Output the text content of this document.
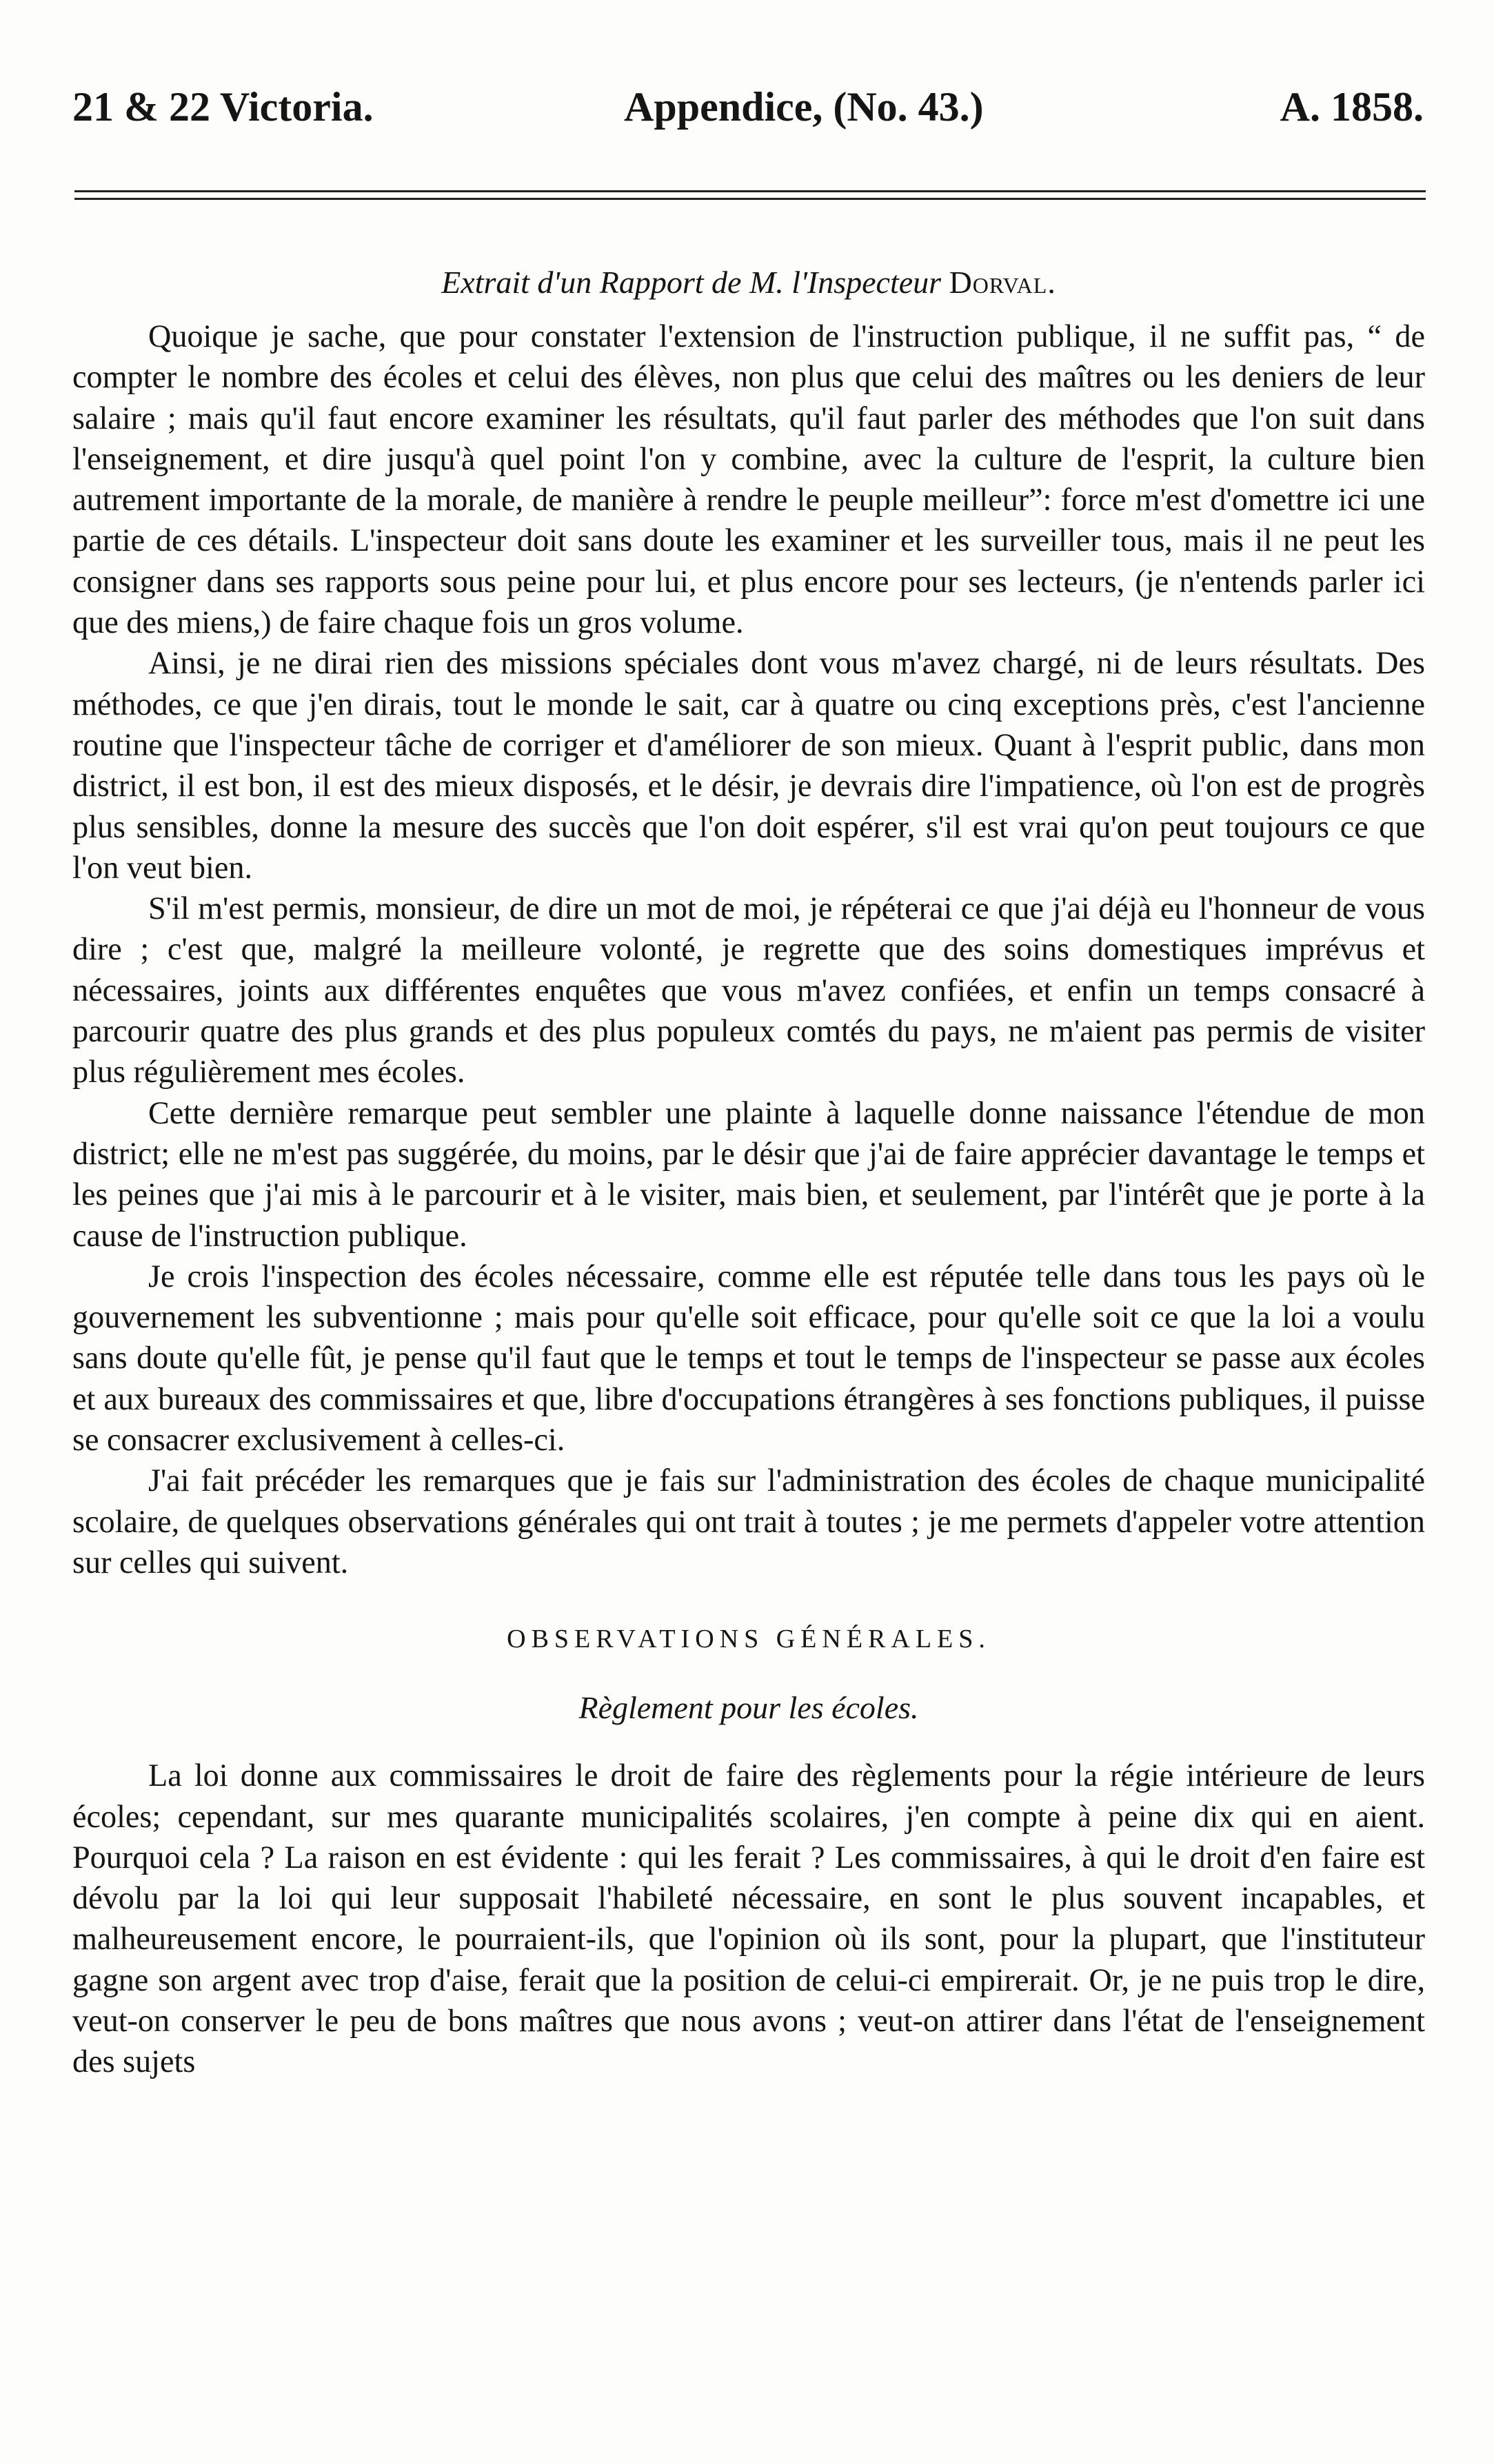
21 & 22 Victoria.	Appendice, (No. 43.)	A. 1858.
Extrait d'un Rapport de M. l'Inspecteur Dorval.

Quoique je sache, que pour constater l'extension de l'instruction publique, il ne suffit pas, “ de compter le nombre des écoles et celui des élèves, non plus que celui des maîtres ou les deniers de leur salaire ; mais qu'il faut encore examiner les résultats, qu'il faut parler des méthodes que l'on suit dans l'enseignement, et dire jusqu'à quel point l'on y combine, avec la culture de l'esprit, la culture bien autrement importante de la morale, de manière à rendre le peuple meilleur”: force m'est d'omettre ici une partie de ces détails. L'inspecteur doit sans doute les examiner et les surveiller tous, mais il ne peut les consigner dans ses rapports sous peine pour lui, et plus encore pour ses lecteurs, (je n'entends parler ici que des miens,) de faire chaque fois un gros volume.

Ainsi, je ne dirai rien des missions spéciales dont vous m'avez chargé, ni de leurs résultats. Des méthodes, ce que j'en dirais, tout le monde le sait, car à quatre ou cinq exceptions près, c'est l'ancienne routine que l'inspecteur tâche de corriger et d'améliorer de son mieux. Quant à l'esprit public, dans mon district, il est bon, il est des mieux disposés, et le désir, je devrais dire l'impatience, où l'on est de progrès plus sensibles, donne la mesure des succès que l'on doit espérer, s'il est vrai qu'on peut toujours ce que l'on veut bien.

S'il m'est permis, monsieur, de dire un mot de moi, je répéterai ce que j'ai déjà eu l'honneur de vous dire ; c'est que, malgré la meilleure volonté, je regrette que des soins domestiques imprévus et nécessaires, joints aux différentes enquêtes que vous m'avez confiées, et enfin un temps consacré à parcourir quatre des plus grands et des plus populeux comtés du pays, ne m'aient pas permis de visiter plus régulièrement mes écoles.

Cette dernière remarque peut sembler une plainte à laquelle donne naissance l'étendue de mon district; elle ne m'est pas suggérée, du moins, par le désir que j'ai de faire apprécier davantage le temps et les peines que j'ai mis à le parcourir et à le visiter, mais bien, et seulement, par l'intérêt que je porte à la cause de l'instruction publique.

Je crois l'inspection des écoles nécessaire, comme elle est réputée telle dans tous les pays où le gouvernement les subventionne ; mais pour qu'elle soit efficace, pour qu'elle soit ce que la loi a voulu sans doute qu'elle fût, je pense qu'il faut que le temps et tout le temps de l'inspecteur se passe aux écoles et aux bureaux des commissaires et que, libre d'occupations étrangères à ses fonctions publiques, il puisse se consacrer exclusivement à celles-ci.

J'ai fait précéder les remarques que je fais sur l'administration des écoles de chaque municipalité scolaire, de quelques observations générales qui ont trait à toutes ; je me permets d'appeler votre attention sur celles qui suivent.

OBSERVATIONS GÉNÉRALES.
Règlement pour les écoles.

La loi donne aux commissaires le droit de faire des règlements pour la régie intérieure de leurs écoles; cependant, sur mes quarante municipalités scolaires, j'en compte à peine dix qui en aient. Pourquoi cela ? La raison en est évidente : qui les ferait ? Les commissaires, à qui le droit d'en faire est dévolu par la loi qui leur supposait l'habileté nécessaire, en sont le plus souvent incapables, et malheureusement encore, le pourraient-ils, que l'opinion où ils sont, pour la plupart, que l'instituteur gagne son argent avec trop d'aise, ferait que la position de celui-ci empirerait. Or, je ne puis trop le dire, veut-on conserver le peu de bons maîtres que nous avons ; veut-on attirer dans l'état de l'enseignement des sujets
